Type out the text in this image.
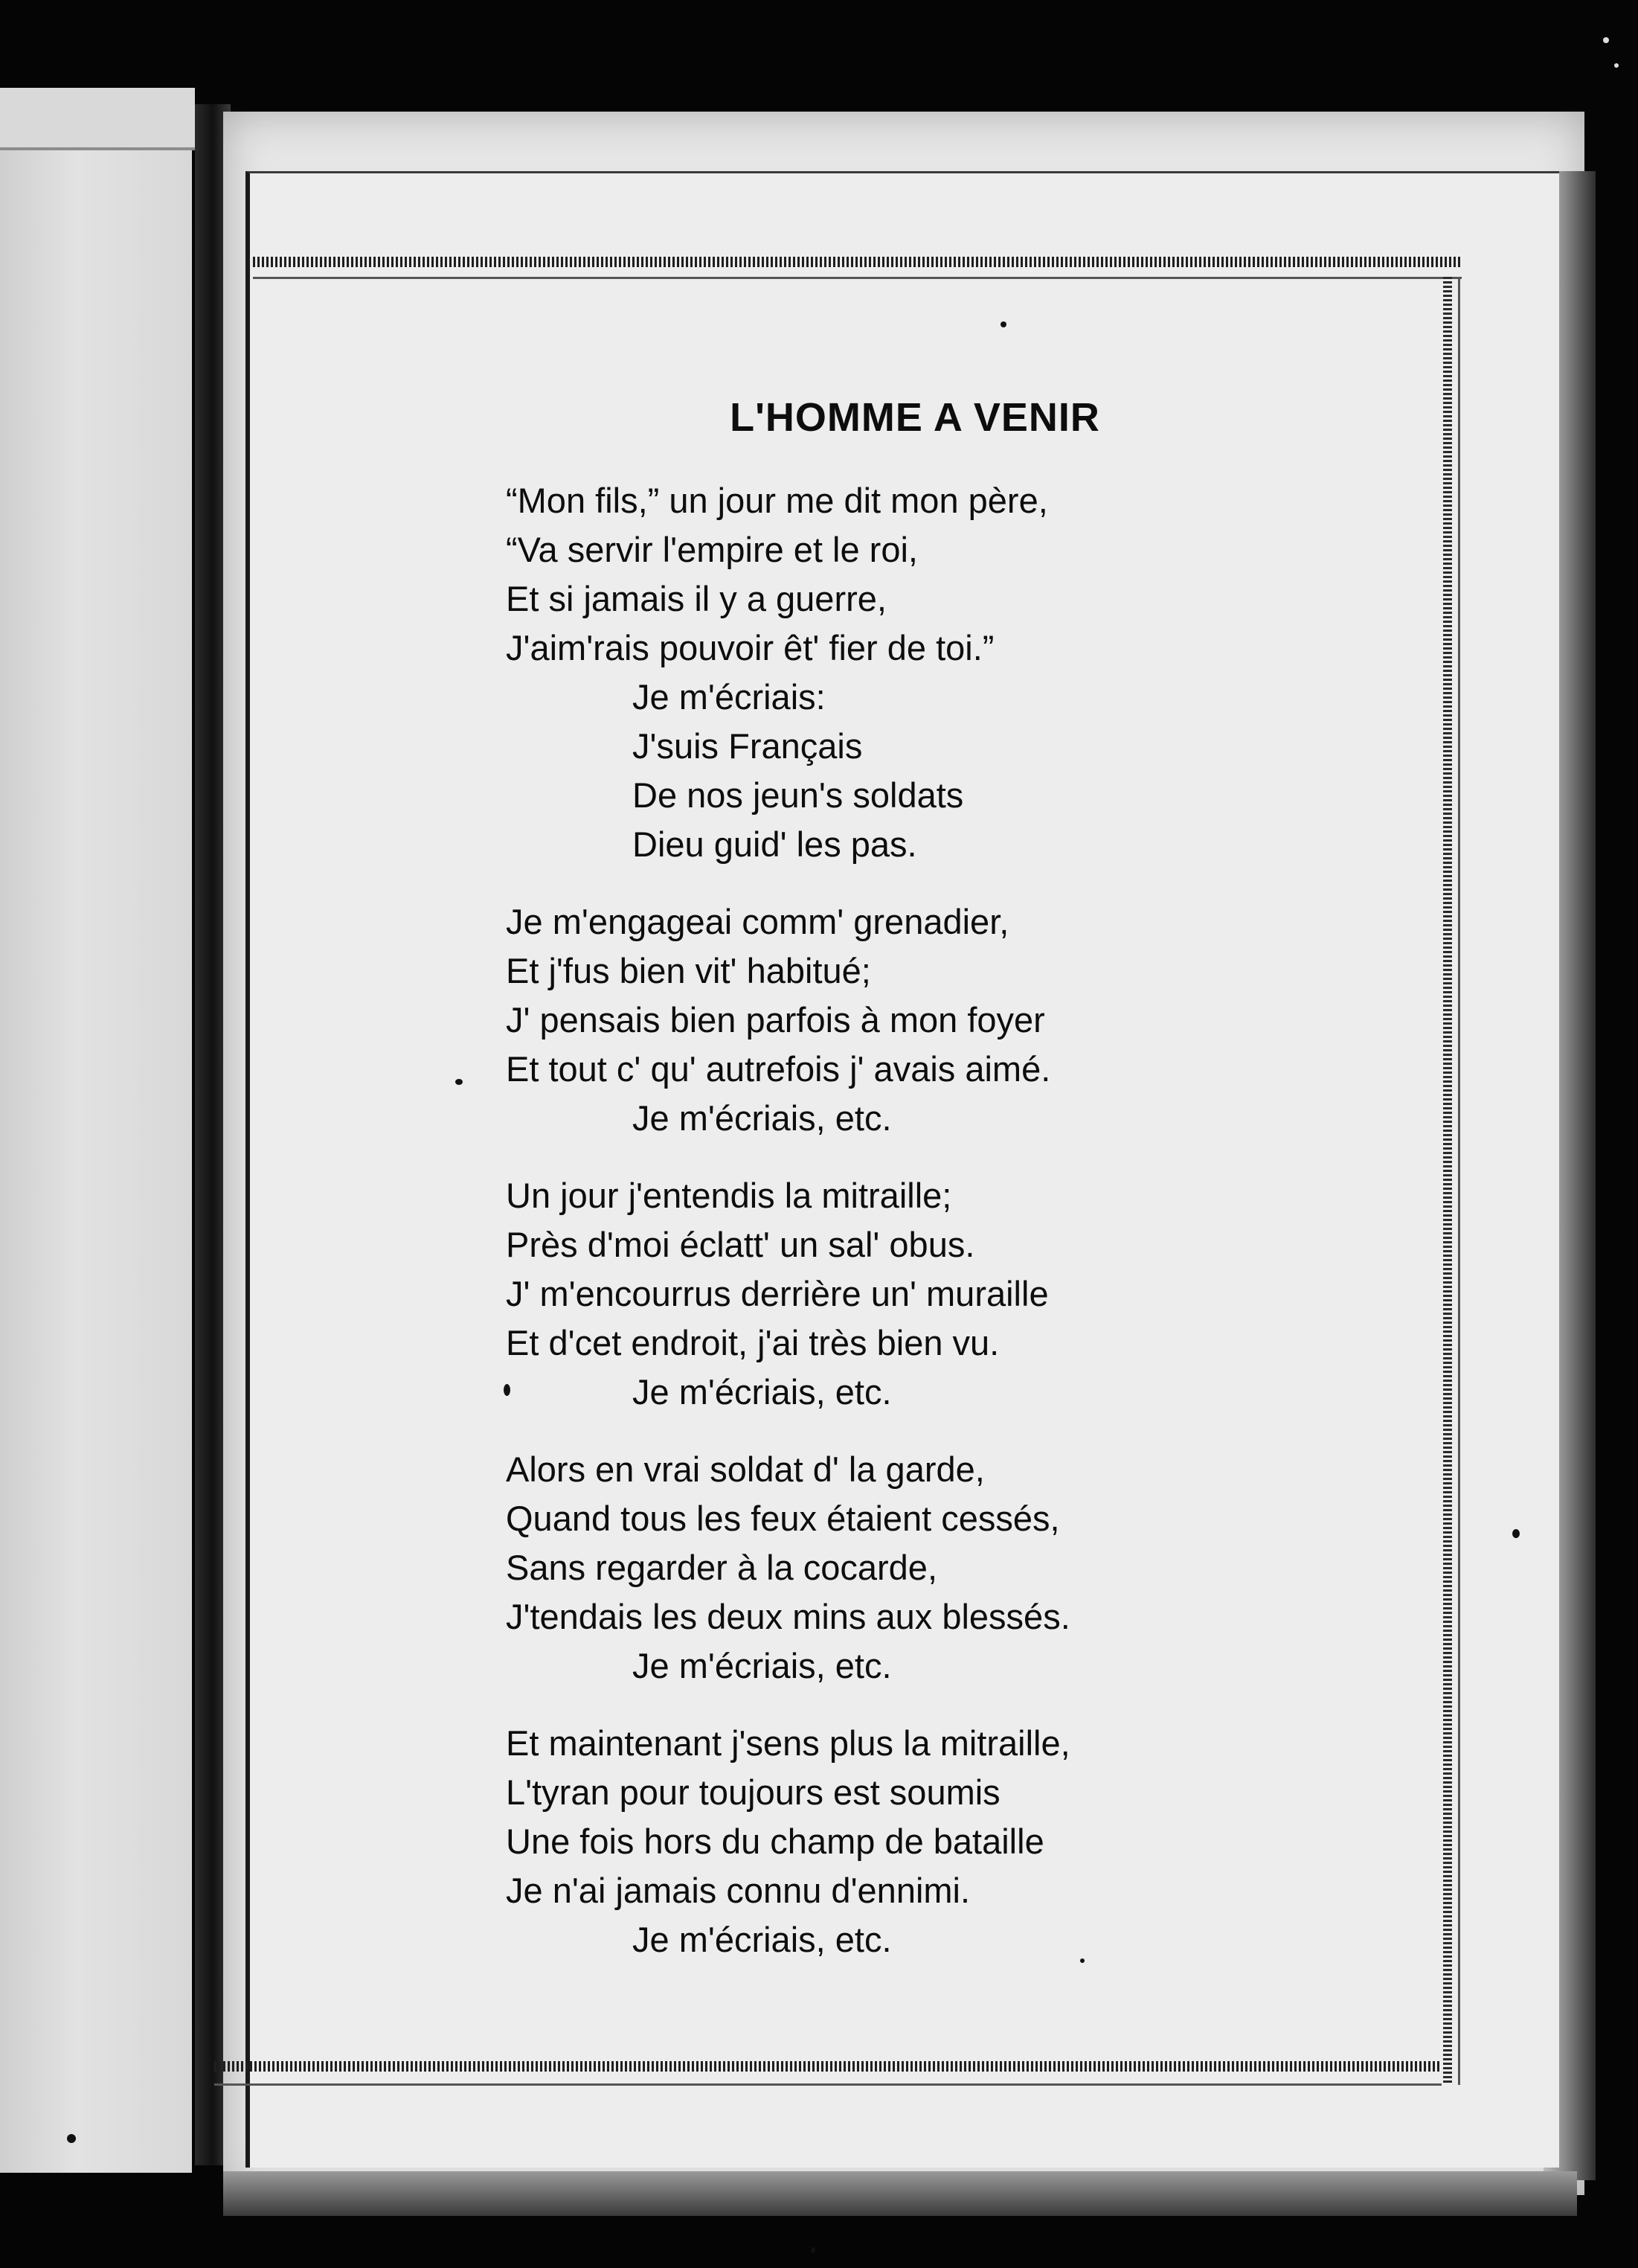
L'HOMME A VENIR
“Mon fils,” un jour me dit mon père,
“Va servir l'empire et le roi,
Et si jamais il y a guerre,
J'aim'rais pouvoir êt' fier de toi.”
Je m'écriais:
J'suis Français
De nos jeun's soldats
Dieu guid' les pas.
Je m'engageai comm' grenadier,
Et j'fus bien vit' habitué;
J' pensais bien parfois à mon foyer
Et tout c' qu' autrefois j' avais aimé.
Je m'écriais, etc.
Un jour j'entendis la mitraille;
Près d'moi éclatt' un sal' obus.
J' m'encourrus derrière un' muraille
Et d'cet endroit, j'ai très bien vu.
Je m'écriais, etc.
Alors en vrai soldat d' la garde,
Quand tous les feux étaient cessés,
Sans regarder à la cocarde,
J'tendais les deux mins aux blessés.
Je m'écriais, etc.
Et maintenant j'sens plus la mitraille,
L'tyran pour toujours est soumis
Une fois hors du champ de bataille
Je n'ai jamais connu d'ennimi.
Je m'écriais, etc.
